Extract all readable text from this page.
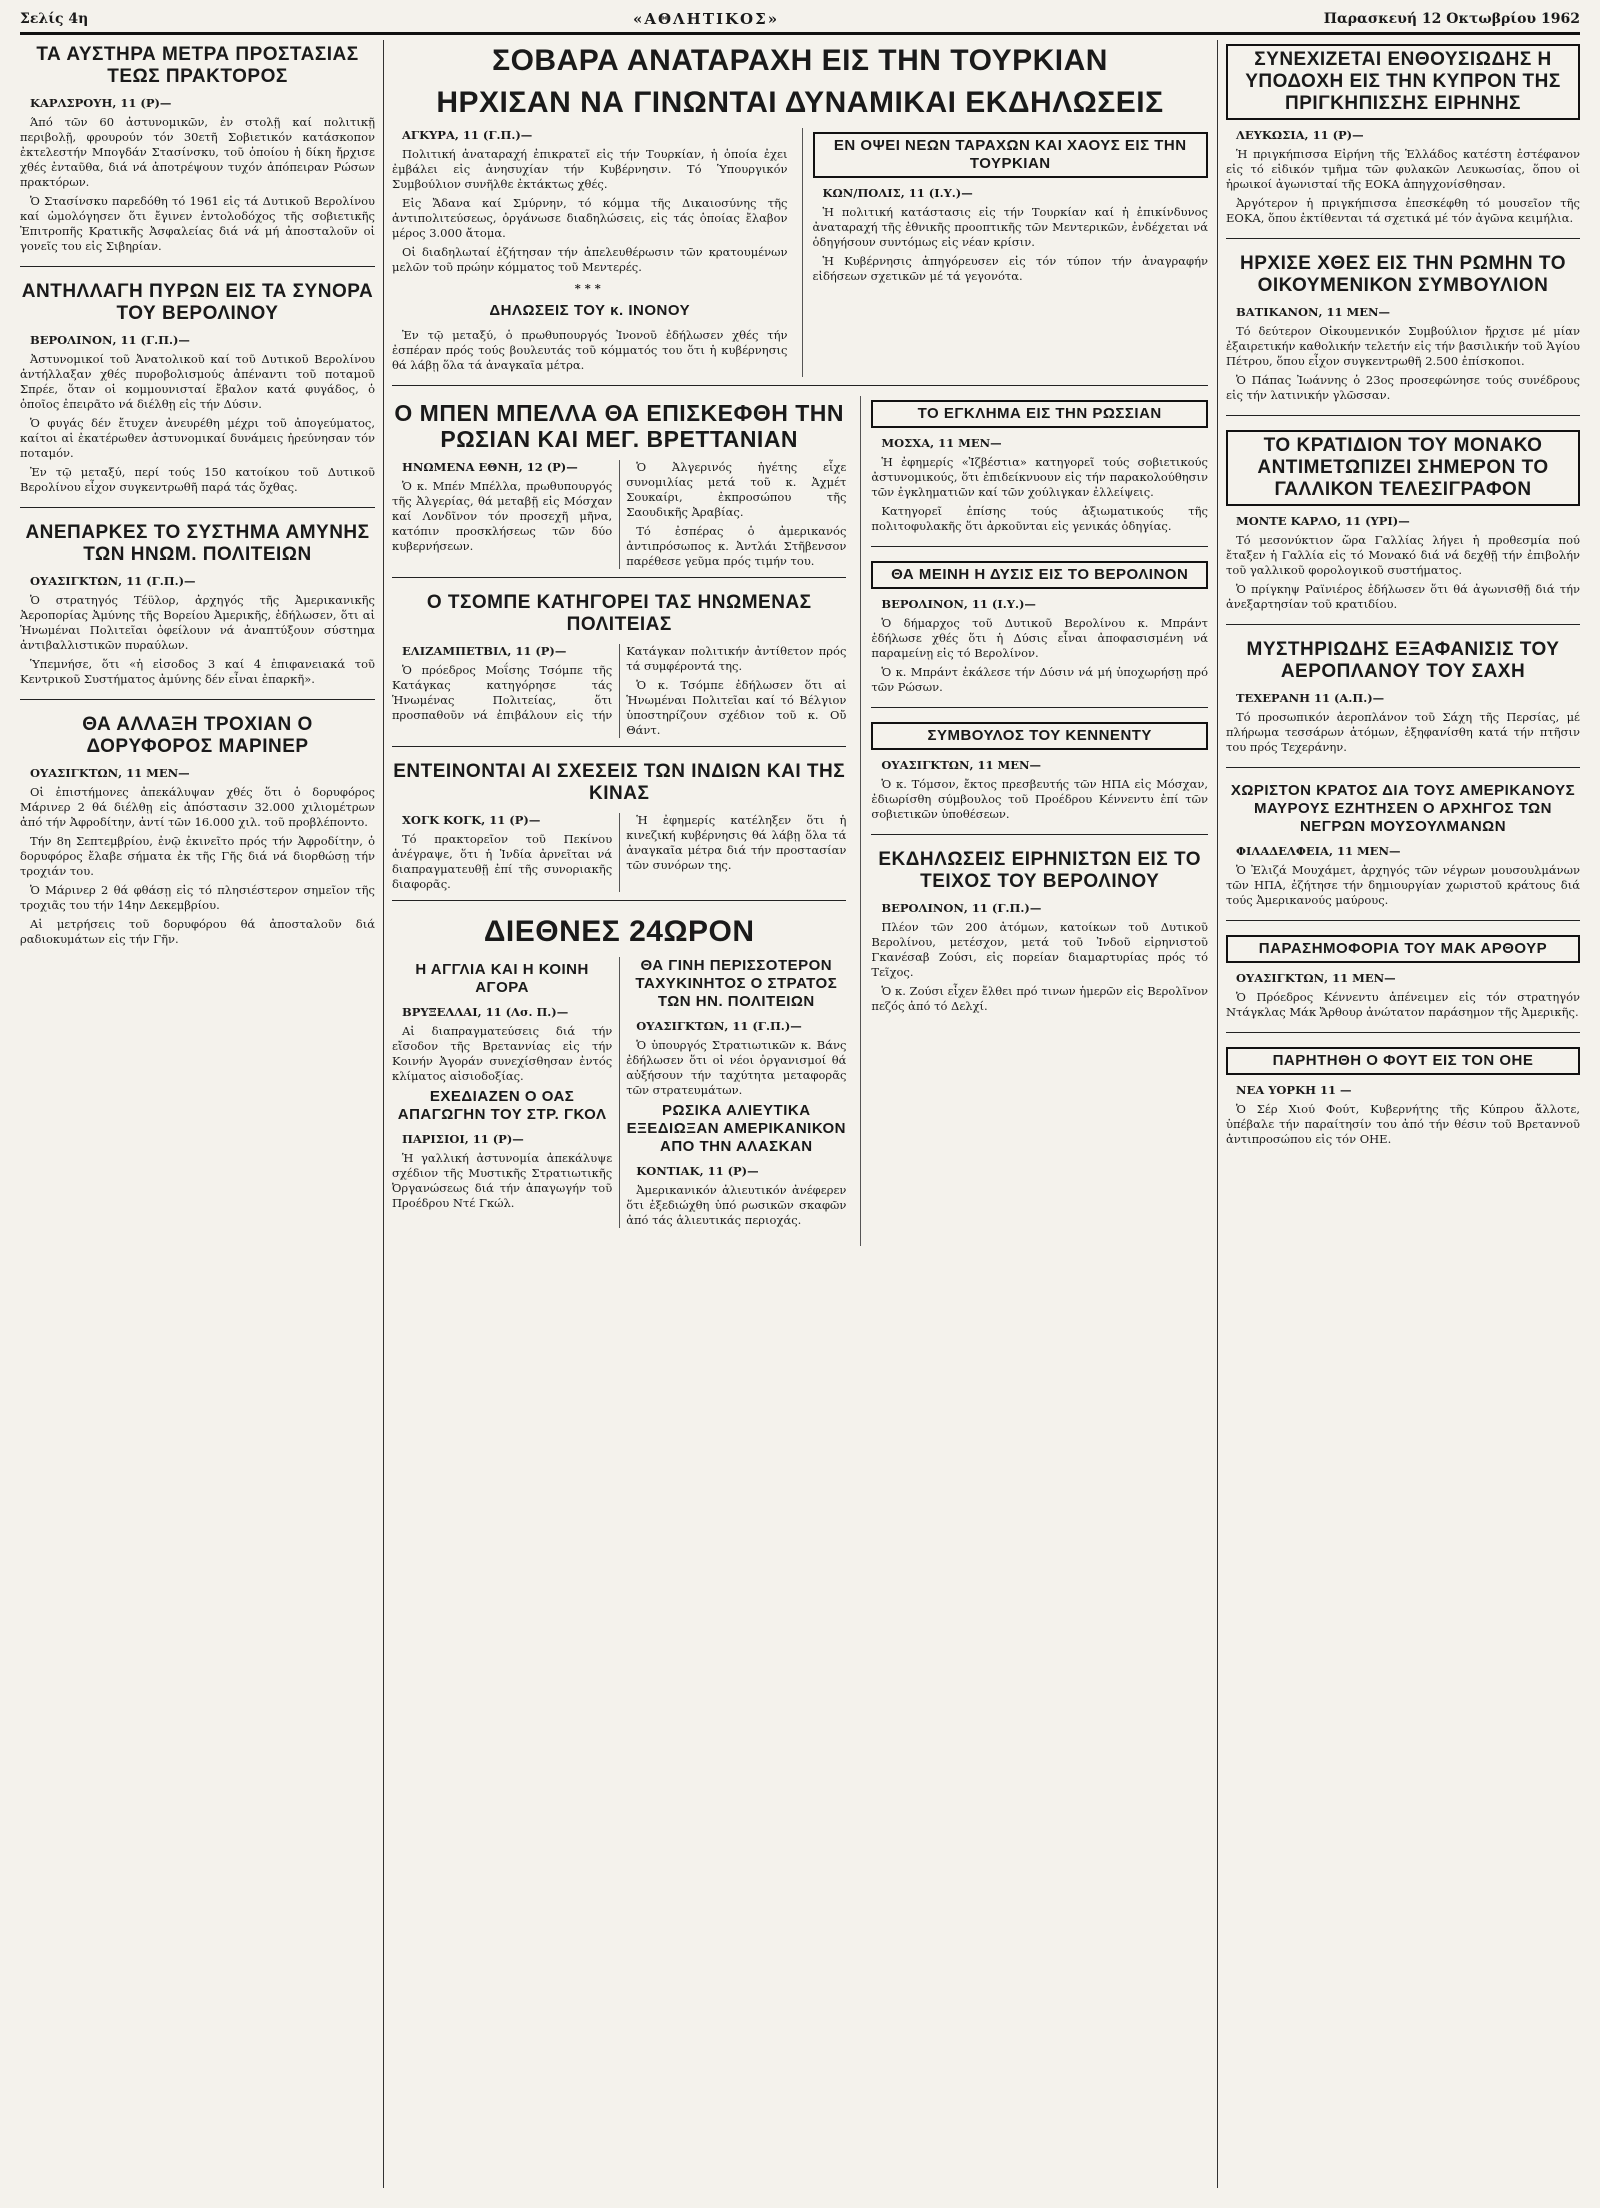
Σελίς 4η	«ΑΘΛΗΤΙΚΟΣ»	Παρασκευή 12 Οκτωβρίου 1962
ΤΑ ΑΥΣΤΗΡΑ ΜΕΤΡΑ ΠΡΟΣΤΑΣΙΑΣ ΤΕΩΣ ΠΡΑΚΤΟΡΟΣ

ΚΑΡΛΣΡΟΥΗ, 11 (Ρ)—

Άπό τῶν 60 ἀστυνομικῶν, ἐν στολῇ καί πολιτικῇ περιβολῇ, φρουρούν τόν 30ετῆ Σοβιετικόν κατάσκοπον ἐκτελεστήν Μπογδάν Στασίνσκυ, τοῦ ὁποίου ἡ δίκη ἤρχισε χθές ἐνταῦθα, διά νά ἀποτρέψουν τυχόν ἀπόπειραν Ρώσων πρακτόρων.

Ὁ Στασίνσκυ παρεδόθη τό 1961 εἰς τά Δυτικοῦ Βερολίνου καί ὡμολόγησεν ὅτι ἔγινεν ἐντολοδόχος τῆς σοβιετικῆς Ἐπιτροπῆς Κρατικῆς Ἀσφαλείας διά νά μή ἀποσταλοῦν οἱ γονεῖς του εἰς Σιβηρίαν.

ΑΝΤΗΛΛΑΓΗ ΠΥΡΩΝ ΕΙΣ ΤΑ ΣΥΝΟΡΑ ΤΟΥ ΒΕΡΟΛΙΝΟΥ

ΒΕΡΟΛΙΝΟΝ, 11 (Γ.Π.)—

Ἀστυνομικοί τοῦ Ἀνατολικοῦ καί τοῦ Δυτικοῦ Βερολίνου ἀντήλλαξαν χθές πυροβολισμούς ἀπέναντι τοῦ ποταμοῦ Σπρέε, ὅταν οἱ κομμουνισταί ἔβαλον κατά φυγάδος, ὁ ὁποῖος ἐπειρᾶτο νά διέλθῃ εἰς τήν Δύσιν.

Ὁ φυγάς δέν ἔτυχεν ἀνευρέθη μέχρι τοῦ ἀπογεύματος, καίτοι αἱ ἐκατέρωθεν ἀστυνομικαί δυνάμεις ἠρεύνησαν τόν ποταμόν.

Ἐν τῷ μεταξύ, περί τούς 150 κατοίκου τοῦ Δυτικοῦ Βερολίνου εἶχον συγκεντρωθῆ παρά τάς ὄχθας.

ΑΝΕΠΑΡΚΕΣ ΤΟ ΣΥΣΤΗΜΑ ΑΜΥΝΗΣ ΤΩΝ ΗΝΩΜ. ΠΟΛΙΤΕΙΩΝ

ΟΥΑΣΙΓΚΤΩΝ, 11 (Γ.Π.)—

Ὁ στρατηγός Τέϋλορ, ἀρχηγός τῆς Ἀμερικανικῆς Ἀεροπορίας Ἀμύνης τῆς Βορείου Ἀμερικῆς, ἐδήλωσεν, ὅτι αἱ Ἡνωμέναι Πολιτεῖαι ὀφείλουν νά ἀναπτύξουν σύστημα ἀντιβαλλιστικῶν πυραύλων.

Ὑπεμνήσε, ὅτι «ἡ εἰσοδος 3 καί 4 ἐπιφανειακά τοῦ Κεντρικοῦ Συστήματος ἀμύνης δέν εἶναι ἐπαρκῆ».

ΘΑ ΑΛΛΑΞΗ ΤΡΟΧΙΑΝ Ο ΔΟΡΥΦΟΡΟΣ ΜΑΡΙΝΕΡ

ΟΥΑΣΙΓΚΤΩΝ, 11 ΜΕΝ—

Οἱ ἐπιστήμονες ἀπεκάλυψαν χθές ὅτι ὁ δορυφόρος Μάρινερ 2 θά διέλθῃ εἰς ἀπόστασιν 32.000 χιλιομέτρων ἀπό τήν Ἀφροδίτην, ἀντί τῶν 16.000 χιλ. τοῦ προβλέποντο.

Τήν 8η Σεπτεμβρίου, ἐνῷ ἐκινεῖτο πρός τήν Ἀφροδίτην, ὁ δορυφόρος ἔλαβε σήματα ἐκ τῆς Γῆς διά νά διορθώσῃ τήν τροχιάν του.

Ὁ Μάρινερ 2 θά φθάσῃ εἰς τό πλησιέστερον σημεῖον τῆς τροχιᾶς του τήν 14ην Δεκεμβρίου.

Αἱ μετρήσεις τοῦ δορυφόρου θά ἀποσταλοῦν διά ραδιοκυμάτων εἰς τήν Γῆν.

ΣΟΒΑΡΑ ΑΝΑΤΑΡΑΧΗ ΕΙΣ ΤΗΝ ΤΟΥΡΚΙΑΝ
ΗΡΧΙΣΑΝ ΝΑ ΓΙΝΩΝΤΑΙ ΔΥΝΑΜΙΚΑΙ ΕΚΔΗΛΩΣΕΙΣ

ΑΓΚΥΡΑ, 11 (Γ.Π.)—

Πολιτική ἀναταραχή ἐπικρατεῖ εἰς τήν Τουρκίαν, ἡ ὁποία ἐχει ἐμβάλει εἰς ἀνησυχίαν τήν Κυβέρνησιν. Τό Ὑπουργικόν Συμβούλιον συνῆλθε ἐκτάκτως χθές.

Εἰς Ἄδανα καί Σμύρνην, τό κόμμα τῆς Δικαιοσύνης τῆς ἀντιπολιτεύσεως, ὀργάνωσε διαδηλώσεις, εἰς τάς ὁποίας ἔλαβον μέρος 3.000 ἄτομα.

Οἱ διαδηλωταί ἐζήτησαν τήν ἀπελευθέρωσιν τῶν κρατουμένων μελῶν τοῦ πρώην κόμματος τοῦ Μεντερές.

***
ΔΗΛΩΣΕΙΣ ΤΟΥ κ. ΙΝΟΝΟΥ

Ἐν τῷ μεταξύ, ὁ πρωθυπουργός Ἰνονοῦ ἐδήλωσεν χθές τήν ἐσπέραν πρός τούς βουλευτάς τοῦ κόμματός του ὅτι ἡ κυβέρνησις θά λάβῃ ὅλα τά ἀναγκαῖα μέτρα.

ΕΝ ΟΨΕΙ ΝΕΩΝ ΤΑΡΑΧΩΝ ΚΑΙ ΧΑΟΥΣ ΕΙΣ ΤΗΝ ΤΟΥΡΚΙΑΝ

ΚΩΝ/ΠΟΛΙΣ, 11 (Ι.Υ.)—

Ἡ πολιτική κατάστασις εἰς τήν Τουρκίαν καί ἡ ἐπικίνδυνος ἀναταραχή τῆς ἐθνικῆς προοπτικῆς τῶν Μεντερικῶν, ἐνδέχεται νά ὁδηγήσουν συντόμως εἰς νέαν κρίσιν.

Ἡ Κυβέρνησις ἀπηγόρευσεν εἰς τόν τύπον τήν ἀναγραφήν εἰδήσεων σχετικῶν μέ τά γεγονότα.

Ο ΜΠΕΝ ΜΠΕΛΛΑ ΘΑ ΕΠΙΣΚΕΦΘΗ ΤΗΝ ΡΩΣΙΑΝ ΚΑΙ ΜΕΓ. ΒΡΕΤΤΑΝΙΑΝ

ΗΝΩΜΕΝΑ ΕΘΝΗ, 12 (Ρ)—

Ὁ κ. Μπέν Μπέλλα, πρωθυπουργός τῆς Ἀλγερίας, θά μεταβῇ εἰς Μόσχαν καί Λονδῖνον τόν προσεχῆ μῆνα, κατόπιν προσκλήσεως τῶν δύο κυβερνήσεων.

Ὁ Ἀλγερινός ἡγέτης εἶχε συνομιλίας μετά τοῦ κ. Ἀχμέτ Σουκαίρι, ἐκπροσώπου τῆς Σαουδικῆς Ἀραβίας.

Τό ἐσπέρας ὁ ἀμερικανός ἀντιπρόσωπος κ. Ἀντλάι Στῆβενσον παρέθεσε γεῦμα πρός τιμήν του.

Ο ΤΣΟΜΠΕ ΚΑΤΗΓΟΡΕΙ ΤΑΣ ΗΝΩΜΕΝΑΣ ΠΟΛΙΤΕΙΑΣ

ΕΛΙΖΑΜΠΕΤΒΙΛ, 11 (Ρ)—

Ὁ πρόεδρος Μοΐσης Τσόμπε τῆς Κατάγκας κατηγόρησε τάς Ἡνωμένας Πολιτείας, ὅτι προσπαθοῦν νά ἐπιβάλουν εἰς τήν Κατάγκαν πολιτικήν ἀντίθετον πρός τά συμφέροντά της.

Ὁ κ. Τσόμπε ἐδήλωσεν ὅτι αἱ Ἡνωμέναι Πολιτεῖαι καί τό Βέλγιον ὑποστηρίζουν σχέδιον τοῦ κ. Οὔ Θάντ.

ΕΝΤΕΙΝΟΝΤΑΙ ΑΙ ΣΧΕΣΕΙΣ ΤΩΝ ΙΝΔΙΩΝ ΚΑΙ ΤΗΣ ΚΙΝΑΣ

ΧΟΓΚ ΚΟΓΚ, 11 (Ρ)—

Τό πρακτορεῖον τοῦ Πεκίνου ἀνέγραψε, ὅτι ἡ Ἰνδία ἀρνεῖται νά διαπραγματευθῇ ἐπί τῆς συνοριακῆς διαφορᾶς.

Ἡ ἐφημερίς κατέληξεν ὅτι ἡ κινεζική κυβέρνησις θά λάβῃ ὅλα τά ἀναγκαῖα μέτρα διά τήν προστασίαν τῶν συνόρων της.

ΔΙΕΘΝΕΣ 24ΩΡΟΝ
Η ΑΓΓΛΙΑ ΚΑΙ Η ΚΟΙΝΗ ΑΓΟΡΑ

ΒΡΥΞΕΛΛΑΙ, 11 (Λσ. Π.)—

Αἱ διαπραγματεύσεις διά τήν εἴσοδον τῆς Βρεταννίας εἰς τήν Κοινήν Ἀγοράν συνεχίσθησαν ἐντός κλίματος αἰσιοδοξίας.

ΕΧΕΔΙΑΖΕΝ Ο ΟΑΣ ΑΠΑΓΩΓΗΝ ΤΟΥ ΣΤΡ. ΓΚΟΛ

ΠΑΡΙΣΙΟΙ, 11 (Ρ)—

Ἡ γαλλική ἀστυνομία ἀπεκάλυψε σχέδιον τῆς Μυστικῆς Στρατιωτικῆς Ὀργανώσεως διά τήν ἀπαγωγήν τοῦ Προέδρου Ντέ Γκώλ.

ΘΑ ΓΙΝΗ ΠΕΡΙΣΣΟΤΕΡΟΝ ΤΑΧΥΚΙΝΗΤΟΣ Ο ΣΤΡΑΤΟΣ ΤΩΝ ΗΝ. ΠΟΛΙΤΕΙΩΝ

ΟΥΑΣΙΓΚΤΩΝ, 11 (Γ.Π.)—

Ὁ ὑπουργός Στρατιωτικῶν κ. Βάνς ἐδήλωσεν ὅτι οἱ νέοι ὀργανισμοί θά αὐξήσουν τήν ταχύτητα μεταφορᾶς τῶν στρατευμάτων.

ΡΩΣΙΚΑ ΑΛΙΕΥΤΙΚΑ ΕΞΕΔΙΩΞΑΝ ΑΜΕΡΙΚΑΝΙΚΟΝ ΑΠΟ ΤΗΝ ΑΛΑΣΚΑΝ

ΚΟΝΤΙΑΚ, 11 (Ρ)—

Ἀμερικανικόν ἁλιευτικόν ἀνέφερεν ὅτι ἐξεδιώχθη ὑπό ρωσικῶν σκαφῶν ἀπό τάς ἁλιευτικάς περιοχάς.

ΤΟ ΕΓΚΛΗΜΑ ΕΙΣ ΤΗΝ ΡΩΣΣΙΑΝ

ΜΟΣΧΑ, 11 ΜΕΝ—

Ἡ ἐφημερίς «Ἰζβέστια» κατηγορεῖ τούς σοβιετικούς ἀστυνομικούς, ὅτι ἐπιδείκνυουν εἰς τήν παρακολούθησιν τῶν ἐγκληματιῶν καί τῶν χούλιγκαν ἐλλείψεις.

Κατηγορεῖ ἐπίσης τούς ἀξιωματικούς τῆς πολιτοφυλακῆς ὅτι ἀρκοῦνται εἰς γενικάς ὁδηγίας.

ΘΑ ΜΕΙΝΗ Η ΔΥΣΙΣ ΕΙΣ ΤΟ ΒΕΡΟΛΙΝΟΝ

ΒΕΡΟΛΙΝΟΝ, 11 (Ι.Υ.)—

Ὁ δήμαρχος τοῦ Δυτικοῦ Βερολίνου κ. Μπράντ ἐδήλωσε χθές ὅτι ἡ Δύσις εἶναι ἀποφασισμένη νά παραμείνῃ εἰς τό Βερολίνον.

Ὁ κ. Μπράντ ἐκάλεσε τήν Δύσιν νά μή ὑποχωρήσῃ πρό τῶν Ρώσων.

ΣΥΜΒΟΥΛΟΣ ΤΟΥ ΚΕΝΝΕΝΤΥ

ΟΥΑΣΙΓΚΤΩΝ, 11 ΜΕΝ—

Ὁ κ. Τόμσον, ἔκτος πρεσβευτής τῶν ΗΠΑ εἰς Μόσχαν, ἐδιωρίσθη σύμβουλος τοῦ Προέδρου Κέννεντυ ἐπί τῶν σοβιετικῶν ὑποθέσεων.

ΕΚΔΗΛΩΣΕΙΣ ΕΙΡΗΝΙΣΤΩΝ ΕΙΣ ΤΟ ΤΕΙΧΟΣ ΤΟΥ ΒΕΡΟΛΙΝΟΥ

ΒΕΡΟΛΙΝΟΝ, 11 (Γ.Π.)—

Πλέον τῶν 200 ἀτόμων, κατοίκων τοῦ Δυτικοῦ Βερολίνου, μετέσχον, μετά τοῦ Ἰνδοῦ εἰρηνιστοῦ Γκανέσαβ Ζούσι, εἰς πορείαν διαμαρτυρίας πρός τό Τεῖχος.

Ὁ κ. Ζούσι εἶχεν ἔλθει πρό τινων ἡμερῶν εἰς Βερολῖνον πεζός ἀπό τό Δελχί.

ΣΥΝΕΧΙΖΕΤΑΙ ΕΝΘΟΥΣΙΩΔΗΣ Η ΥΠΟΔΟΧΗ ΕΙΣ ΤΗΝ ΚΥΠΡΟΝ ΤΗΣ ΠΡΙΓΚΗΠΙΣΣΗΣ ΕΙΡΗΝΗΣ

ΛΕΥΚΩΣΙΑ, 11 (Ρ)—

Ἡ πριγκήπισσα Εἰρήνη τῆς Ἑλλάδος κατέστη ἐστέφανον εἰς τό εἰδικόν τμῆμα τῶν φυλακῶν Λευκωσίας, ὅπου οἱ ἡρωικοί ἀγωνισταί τῆς ΕΟΚΑ ἀπηγχονίσθησαν.

Ἀργότερον ἡ πριγκήπισσα ἐπεσκέφθη τό μουσεῖον τῆς ΕΟΚΑ, ὅπου ἐκτίθενται τά σχετικά μέ τόν ἀγῶνα κειμήλια.

ΗΡΧΙΣΕ ΧΘΕΣ ΕΙΣ ΤΗΝ ΡΩΜΗΝ ΤΟ ΟΙΚΟΥΜΕΝΙΚΟΝ ΣΥΜΒΟΥΛΙΟΝ

ΒΑΤΙΚΑΝΟΝ, 11 ΜΕΝ—

Τό δεύτερον Οἰκουμενικόν Συμβούλιον ἤρχισε μέ μίαν ἐξαιρετικήν καθολικήν τελετήν εἰς τήν βασιλικήν τοῦ Ἁγίου Πέτρου, ὅπου εἶχον συγκεντρωθῆ 2.500 ἐπίσκοποι.

Ὁ Πάπας Ἰωάννης ὁ 23ος προσεφώνησε τούς συνέδρους εἰς τήν λατινικήν γλῶσσαν.

ΤΟ ΚΡΑΤΙΔΙΟΝ ΤΟΥ ΜΟΝΑΚΟ ΑΝΤΙΜΕΤΩΠΙΖΕΙ ΣΗΜΕΡΟΝ ΤΟ ΓΑΛΛΙΚΟΝ ΤΕΛΕΣΙΓΡΑΦΟΝ

ΜΟΝΤΕ ΚΑΡΛΟ, 11 (ΥΡΙ)—

Τό μεσονύκτιον ὥρα Γαλλίας λήγει ἡ προθεσμία πού ἔταξεν ἡ Γαλλία εἰς τό Μονακό διά νά δεχθῇ τήν ἐπιβολήν τοῦ γαλλικοῦ φορολογικοῦ συστήματος.

Ὁ πρίγκηψ Ραϊνιέρος ἐδήλωσεν ὅτι θά ἀγωνισθῇ διά τήν ἀνεξαρτησίαν τοῦ κρατιδίου.

ΜΥΣΤΗΡΙΩΔΗΣ ΕΞΑΦΑΝΙΣΙΣ ΤΟΥ ΑΕΡΟΠΛΑΝΟΥ ΤΟΥ ΣΑΧΗ

ΤΕΧΕΡΑΝΗ 11 (Α.Π.)—

Τό προσωπικόν ἀεροπλάνον τοῦ Σάχη τῆς Περσίας, μέ πλήρωμα τεσσάρων ἀτόμων, ἐξηφανίσθη κατά τήν πτῆσιν του πρός Τεχεράνην.

ΧΩΡΙΣΤΟΝ ΚΡΑΤΟΣ ΔΙΑ ΤΟΥΣ ΑΜΕΡΙΚΑΝΟΥΣ ΜΑΥΡΟΥΣ ΕΖΗΤΗΣΕΝ Ο ΑΡΧΗΓΟΣ ΤΩΝ ΝΕΓΡΩΝ ΜΟΥΣΟΥΛΜΑΝΩΝ

ΦΙΛΑΔΕΛΦΕΙΑ, 11 ΜΕΝ—

Ὁ Ἐλιζά Μουχάμετ, ἀρχηγός τῶν νέγρων μουσουλμάνων τῶν ΗΠΑ, ἐζήτησε τήν δημιουργίαν χωριστοῦ κράτους διά τούς Ἀμερικανούς μαύρους.

ΠΑΡΑΣΗΜΟΦΟΡΙΑ ΤΟΥ ΜΑΚ ΑΡΘΟΥΡ

ΟΥΑΣΙΓΚΤΩΝ, 11 ΜΕΝ—

Ὁ Πρόεδρος Κέννεντυ ἀπένειμεν εἰς τόν στρατηγόν Ντάγκλας Μάκ Ἄρθουρ ἀνώτατον παράσημον τῆς Ἀμερικῆς.

ΠΑΡΗΤΗΘΗ Ο ΦΟΥΤ ΕΙΣ ΤΟΝ ΟΗΕ

ΝΕΑ ΥΟΡΚΗ 11 —

Ὁ Σέρ Χιού Φούτ, Κυβερνήτης τῆς Κύπρου ἄλλοτε, ὑπέβαλε τήν παραίτησίν του ἀπό τήν θέσιν τοῦ Βρεταννοῦ ἀντιπροσώπου εἰς τόν ΟΗΕ.
